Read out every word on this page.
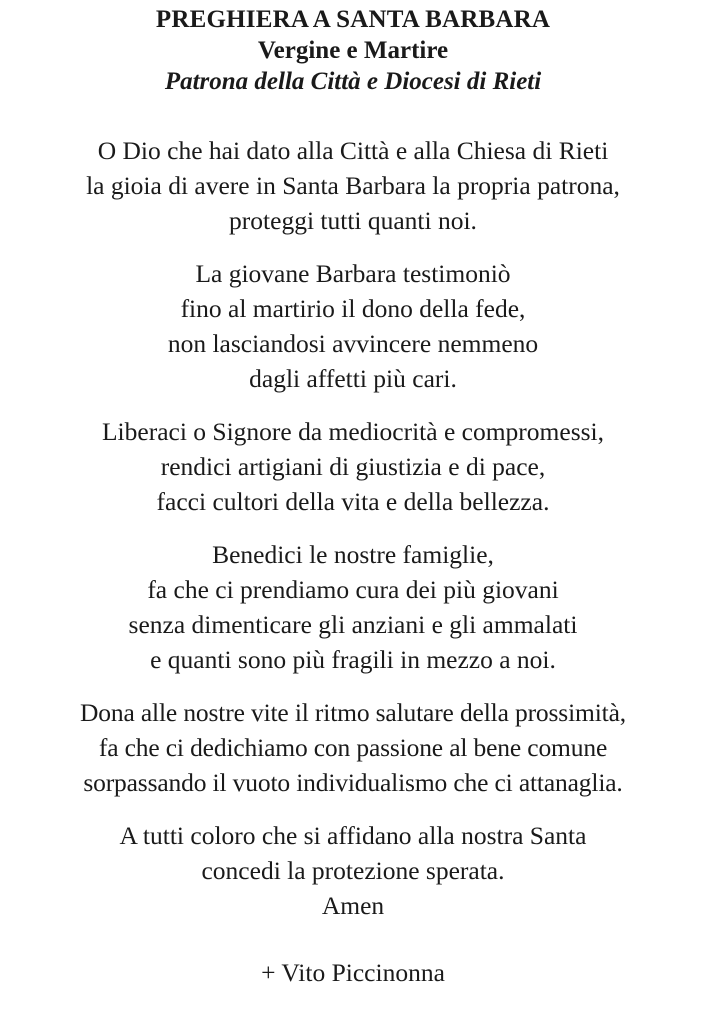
PREGHIERA A SANTA BARBARA

Vergine e Martire

Patrona della Città e Diocesi di Rieti

O Dio che hai dato alla Città e alla Chiesa di Rieti
la gioia di avere in Santa Barbara la propria patrona,
proteggi tutti quanti noi.
La giovane Barbara testimoniò
fino al martirio il dono della fede,
non lasciandosi avvincere nemmeno
dagli affetti più cari.
Liberaci o Signore da mediocrità e compromessi,
rendici artigiani di giustizia e di pace,
facci cultori della vita e della bellezza.
Benedici le nostre famiglie,
fa che ci prendiamo cura dei più giovani
senza dimenticare gli anziani e gli ammalati
e quanti sono più fragili in mezzo a noi.
Dona alle nostre vite il ritmo salutare della prossimità,
fa che ci dedichiamo con passione al bene comune
sorpassando il vuoto individualismo che ci attanaglia.
A tutti coloro che si affidano alla nostra Santa
concedi la protezione sperata.
Amen
+ Vito Piccinonna
